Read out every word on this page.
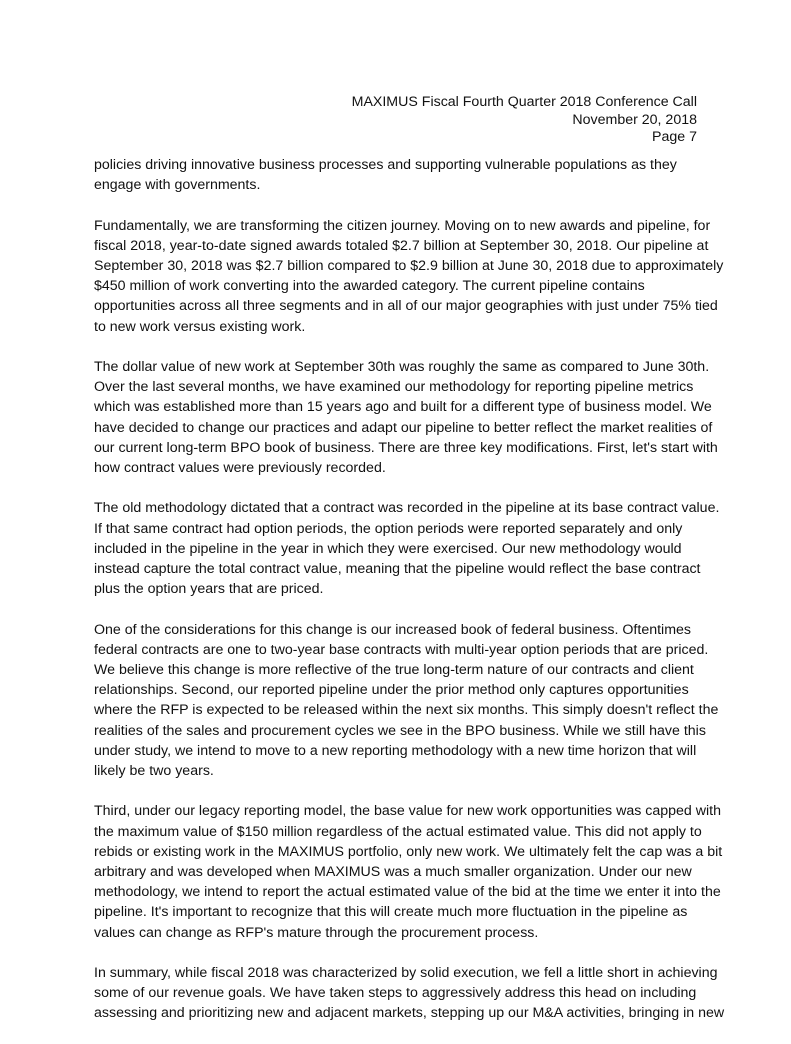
MAXIMUS Fiscal Fourth Quarter 2018 Conference Call
November 20, 2018
Page 7

policies driving innovative business processes and supporting vulnerable populations as they
engage with governments.

Fundamentally, we are transforming the citizen journey. Moving on to new awards and pipeline, for
fiscal 2018, year-to-date signed awards totaled $2.7 billion at September 30, 2018. Our pipeline at
September 30, 2018 was $2.7 billion compared to $2.9 billion at June 30, 2018 due to approximately
$450 million of work converting into the awarded category. The current pipeline contains
opportunities across all three segments and in all of our major geographies with just under 75% tied
to new work versus existing work.

The dollar value of new work at September 30th was roughly the same as compared to June 30th.
Over the last several months, we have examined our methodology for reporting pipeline metrics
which was established more than 15 years ago and built for a different type of business model. We
have decided to change our practices and adapt our pipeline to better reflect the market realities of
our current long-term BPO book of business. There are three key modifications. First, let's start with
how contract values were previously recorded.

The old methodology dictated that a contract was recorded in the pipeline at its base contract value.
If that same contract had option periods, the option periods were reported separately and only
included in the pipeline in the year in which they were exercised. Our new methodology would
instead capture the total contract value, meaning that the pipeline would reflect the base contract
plus the option years that are priced.

One of the considerations for this change is our increased book of federal business. Oftentimes
federal contracts are one to two-year base contracts with multi-year option periods that are priced.
We believe this change is more reflective of the true long-term nature of our contracts and client
relationships. Second, our reported pipeline under the prior method only captures opportunities
where the RFP is expected to be released within the next six months. This simply doesn't reflect the
realities of the sales and procurement cycles we see in the BPO business. While we still have this
under study, we intend to move to a new reporting methodology with a new time horizon that will
likely be two years.

Third, under our legacy reporting model, the base value for new work opportunities was capped with
the maximum value of $150 million regardless of the actual estimated value. This did not apply to
rebids or existing work in the MAXIMUS portfolio, only new work. We ultimately felt the cap was a bit
arbitrary and was developed when MAXIMUS was a much smaller organization. Under our new
methodology, we intend to report the actual estimated value of the bid at the time we enter it into the
pipeline. It's important to recognize that this will create much more fluctuation in the pipeline as
values can change as RFP's mature through the procurement process.

In summary, while fiscal 2018 was characterized by solid execution, we fell a little short in achieving
some of our revenue goals. We have taken steps to aggressively address this head on including
assessing and prioritizing new and adjacent markets, stepping up our M&A activities, bringing in new
